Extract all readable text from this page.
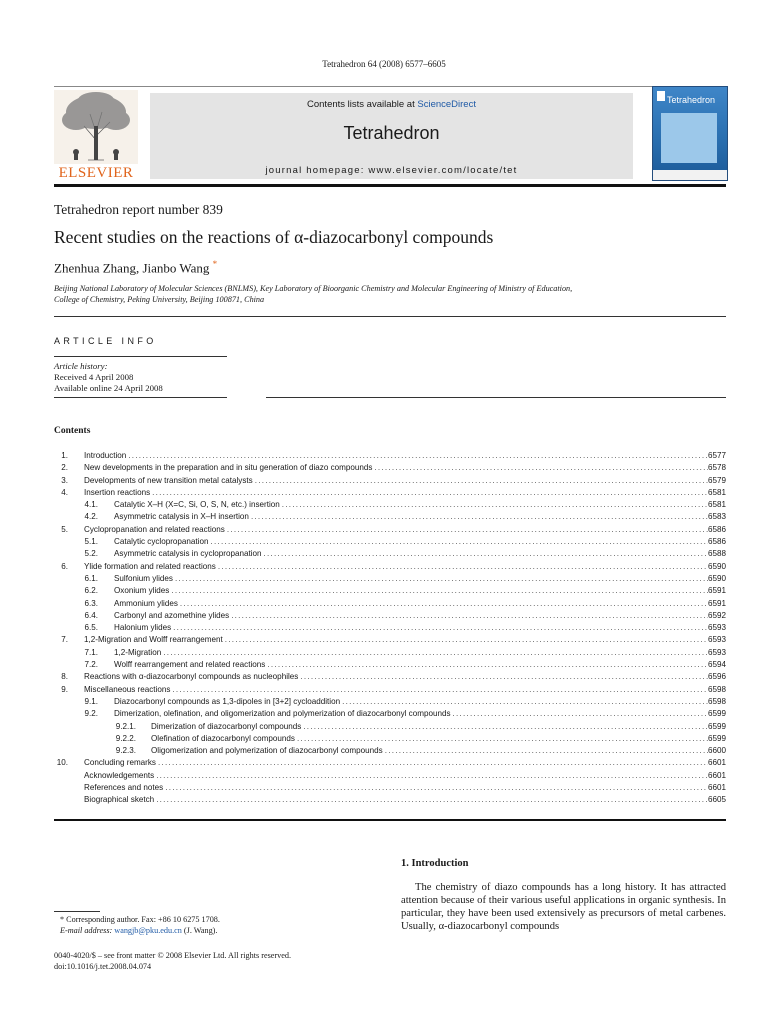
Tetrahedron 64 (2008) 6577–6605
ELSEVIER
Contents lists available at ScienceDirect
Tetrahedron
journal homepage: www.elsevier.com/locate/tet
Tetrahedron
Tetrahedron report number 839
Recent studies on the reactions of α-diazocarbonyl compounds
Zhenhua Zhang, Jianbo Wang *
Beijing National Laboratory of Molecular Sciences (BNLMS), Key Laboratory of Bioorganic Chemistry and Molecular Engineering of Ministry of Education,
College of Chemistry, Peking University, Beijing 100871, China
ARTICLE INFO
Article history:
Received 4 April 2008
Available online 24 April 2008
Contents
1.	Introduction . . .	6577
2.	New developments in the preparation and in situ generation of diazo compounds . . .	6578
3.	Developments of new transition metal catalysts . . .	6579
4.	Insertion reactions . . .	6581
4.1.	Catalytic X–H (X=C, Si, O, S, N, etc.) insertion . . .	6581
4.2.	Asymmetric catalysis in X–H insertion . . .	6583
5.	Cyclopropanation and related reactions . . .	6586
5.1.	Catalytic cyclopropanation . . .	6586
5.2.	Asymmetric catalysis in cyclopropanation . . .	6588
6.	Ylide formation and related reactions . . .	6590
6.1.	Sulfonium ylides . . .	6590
6.2.	Oxonium ylides . . .	6591
6.3.	Ammonium ylides . . .	6591
6.4.	Carbonyl and azomethine ylides . . .	6592
6.5.	Halonium ylides . . .	6593
7.	1,2-Migration and Wolff rearrangement . . .	6593
7.1.	1,2-Migration . . .	6593
7.2.	Wolff rearrangement and related reactions . . .	6594
8.	Reactions with α-diazocarbonyl compounds as nucleophiles . . .	6596
9.	Miscellaneous reactions . . .	6598
9.1.	Diazocarbonyl compounds as 1,3-dipoles in [3+2] cycloaddition . . .	6598
9.2.	Dimerization, olefination, and oligomerization and polymerization of diazocarbonyl compounds . . .	6599
9.2.1.	Dimerization of diazocarbonyl compounds . . .	6599
9.2.2.	Olefination of diazocarbonyl compounds . . .	6599
9.2.3.	Oligomerization and polymerization of diazocarbonyl compounds . . .	6600
10.	Concluding remarks . . .	6601
Acknowledgements . . .	6601
References and notes . . .	6601
Biographical sketch . . .	6605
1. Introduction
The chemistry of diazo compounds has a long history. It has attracted attention because of their various useful applications in organic synthesis. In particular, they have been used extensively as precursors of metal carbenes. Usually, α-diazocarbonyl compounds
* Corresponding author. Fax: +86 10 6275 1708.
E-mail address: wangjb@pku.edu.cn (J. Wang).
0040-4020/$ – see front matter © 2008 Elsevier Ltd. All rights reserved.
doi:10.1016/j.tet.2008.04.074
